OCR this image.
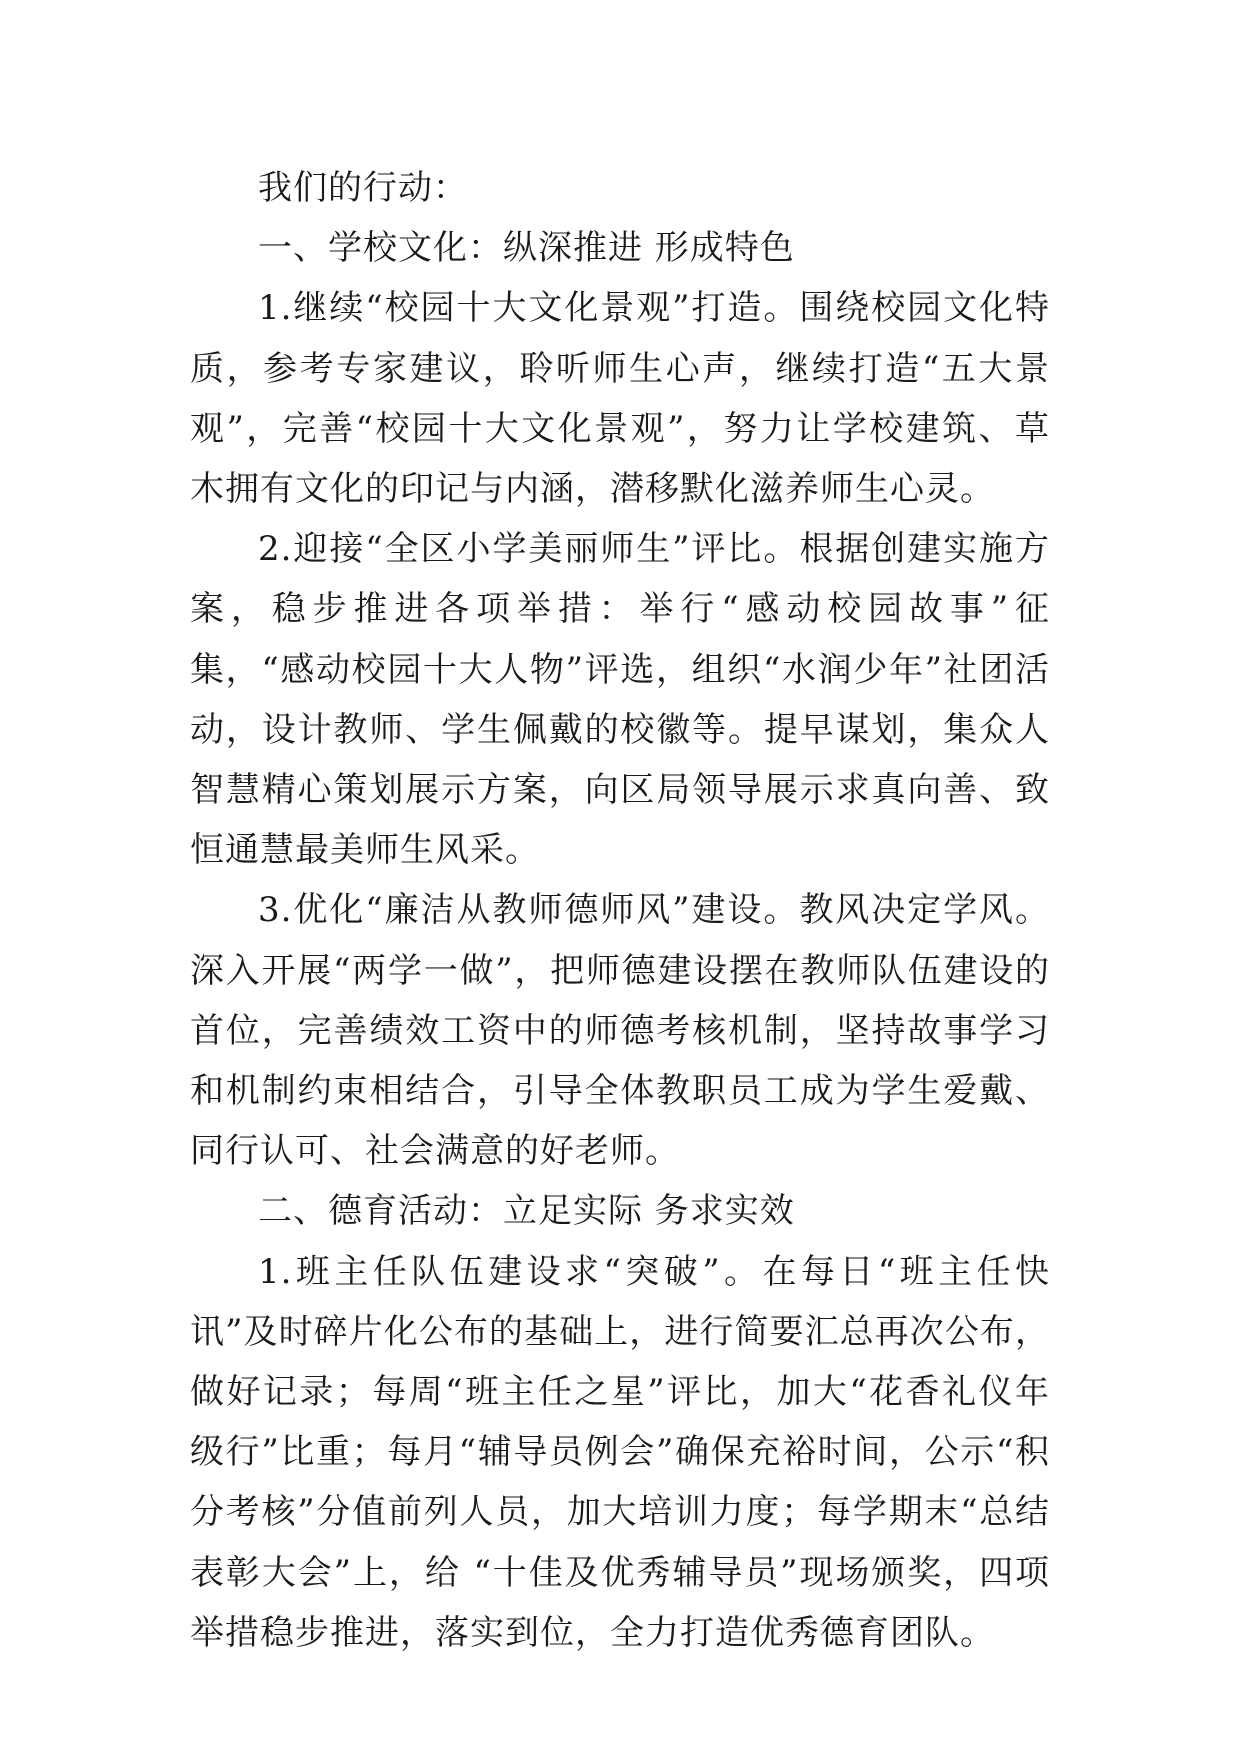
我们的行动：

一、学校文化：纵深推进 形成特色

1.继续“校园十大文化景观”打造。围绕校园文化特质，参考专家建议，聆听师生心声，继续打造“五大景观”，完善“校园十大文化景观”，努力让学校建筑、草木拥有文化的印记与内涵，潜移默化滋养师生心灵。

2.迎接“全区小学美丽师生”评比。根据创建实施方案，稳步推进各项举措：举行“感动校园故事”征集，“感动校园十大人物”评选，组织“水润少年”社团活动，设计教师、学生佩戴的校徽等。提早谋划，集众人智慧精心策划展示方案，向区局领导展示求真向善、致恒通慧最美师生风采。

3.优化“廉洁从教师德师风”建设。教风决定学风。深入开展“两学一做”，把师德建设摆在教师队伍建设的首位，完善绩效工资中的师德考核机制，坚持故事学习和机制约束相结合，引导全体教职员工成为学生爱戴、同行认可、社会满意的好老师。

二、德育活动：立足实际 务求实效

1.班主任队伍建设求“突破”。在每日“班主任快讯”及时碎片化公布的基础上，进行简要汇总再次公布，做好记录；每周“班主任之星”评比，加大“花香礼仪年级行”比重；每月“辅导员例会”确保充裕时间，公示“积分考核”分值前列人员，加大培训力度；每学期末“总结表彰大会”上，给 “十佳及优秀辅导员”现场颁奖，四项举措稳步推进，落实到位，全力打造优秀德育团队。
